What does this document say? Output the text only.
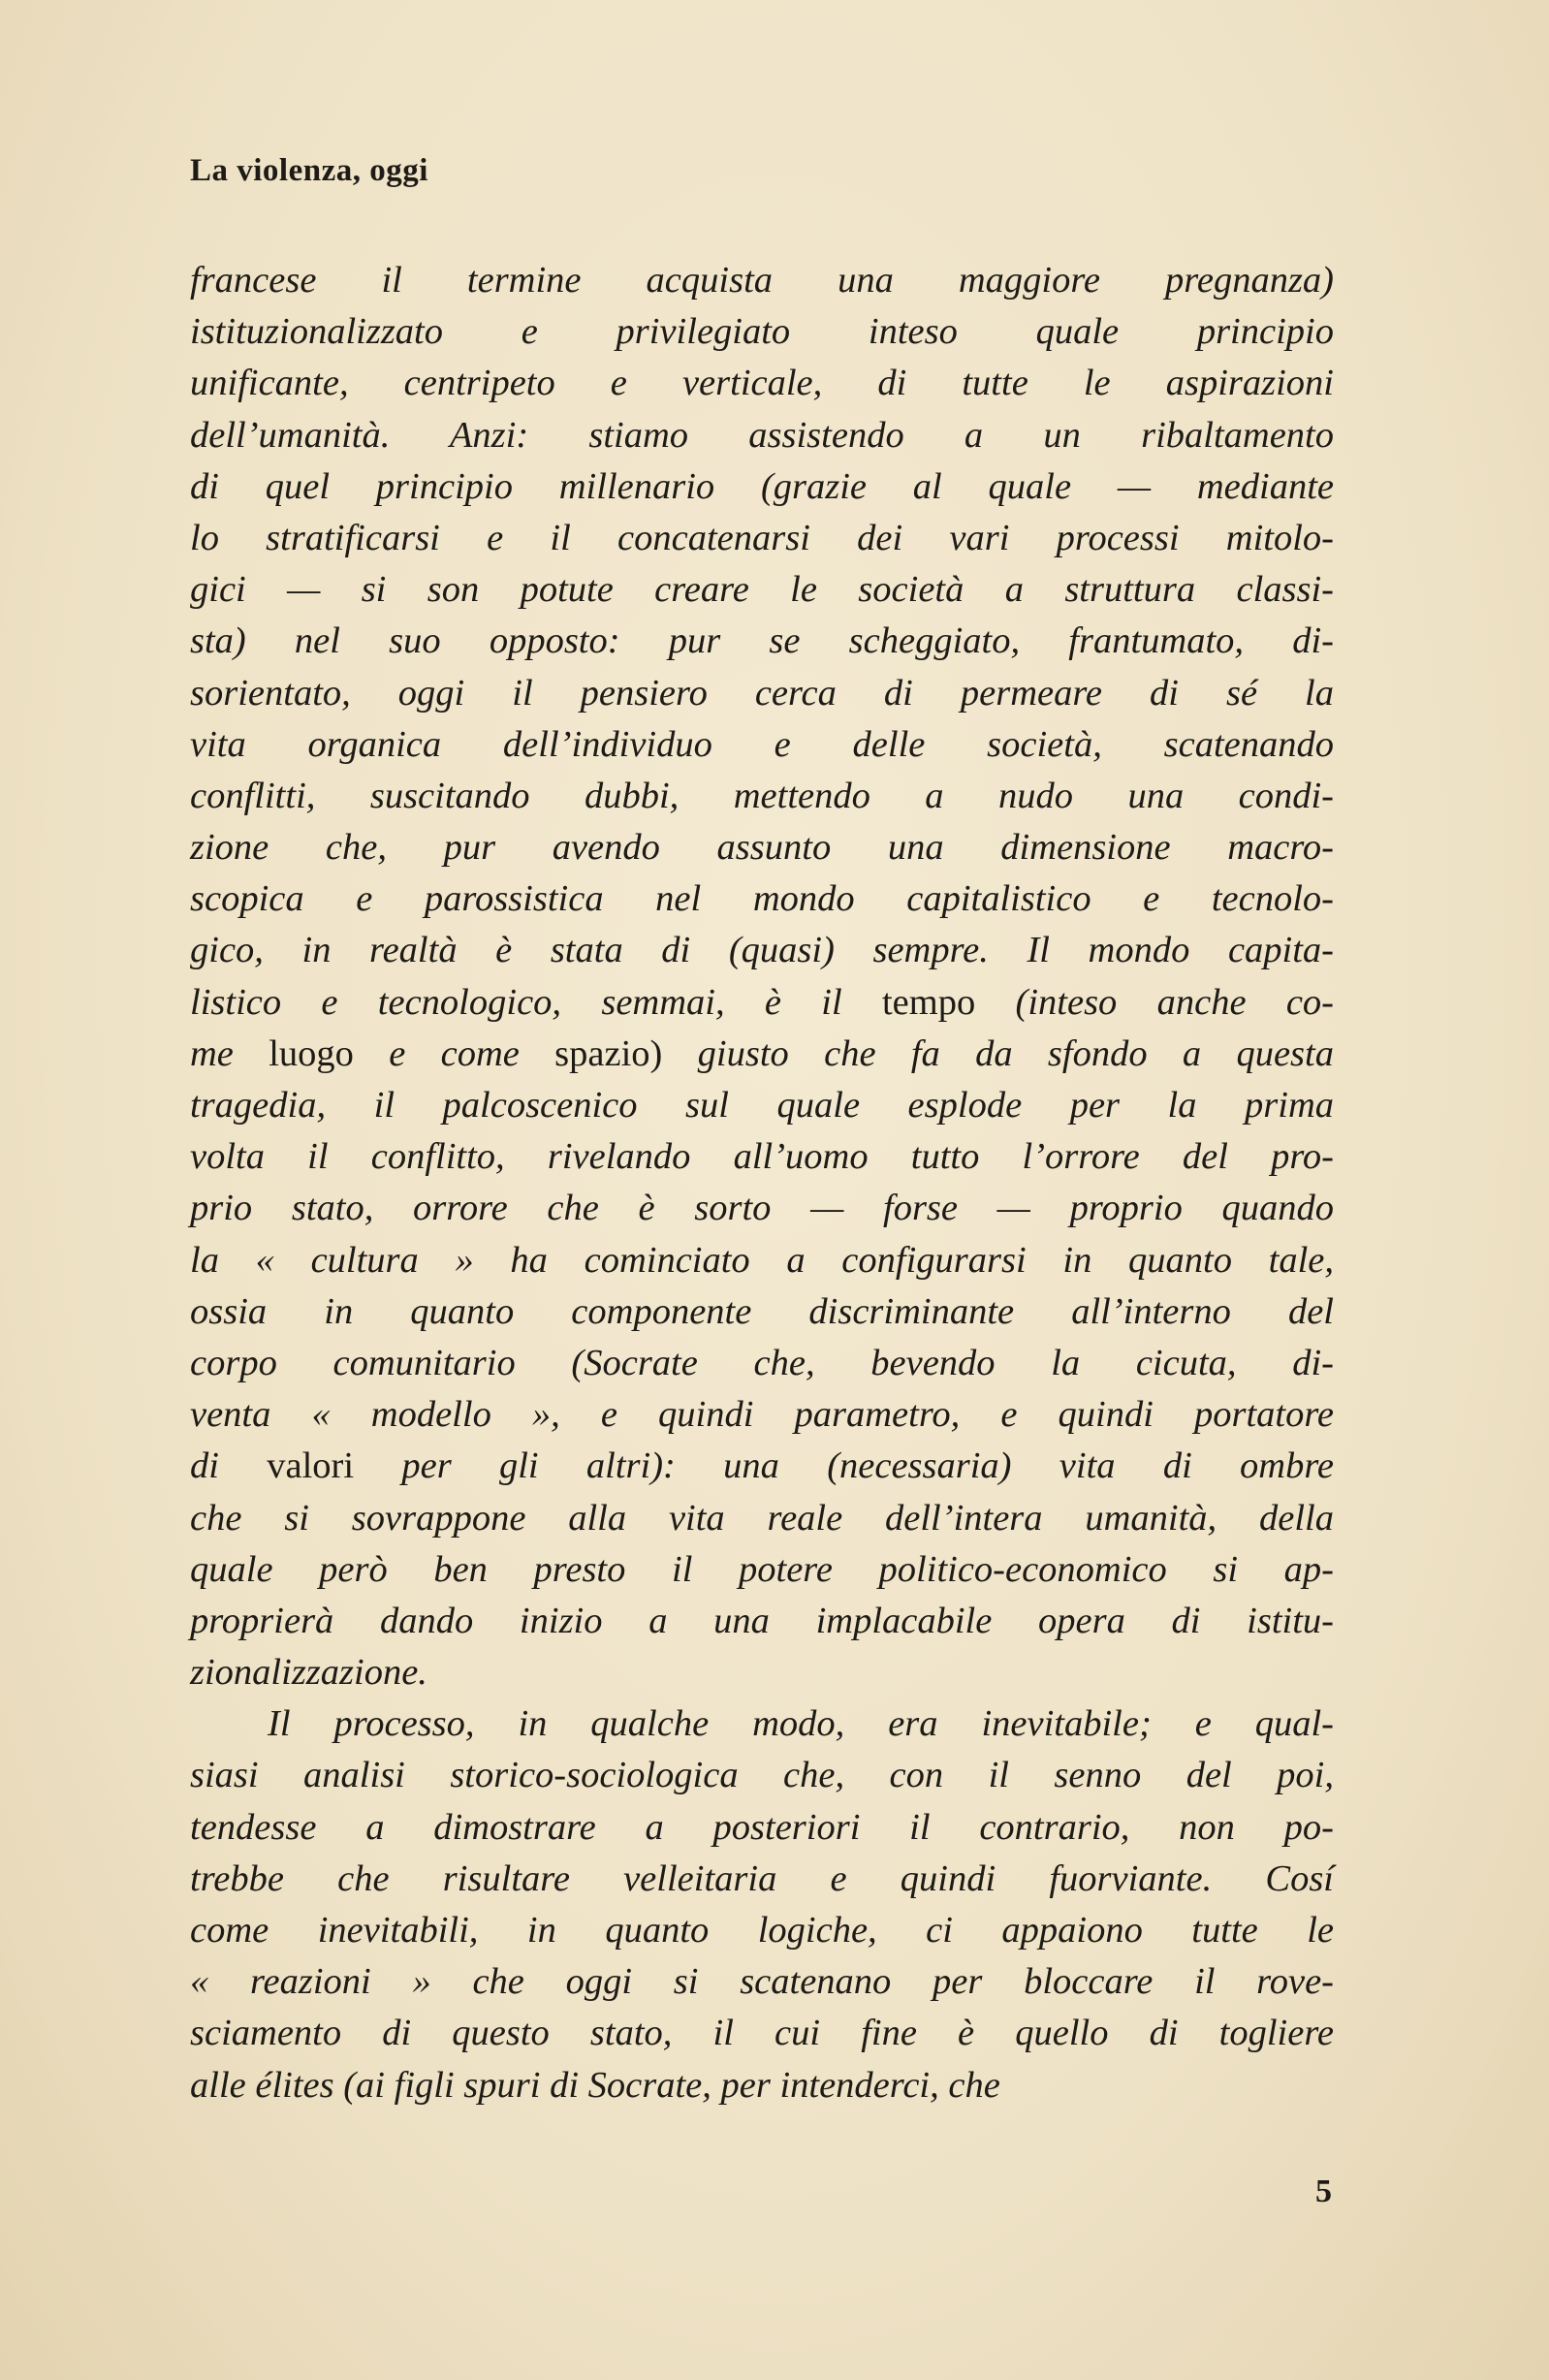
La violenza, oggi
francese il termine acquista una maggiore pregnanza)
istituzionalizzato e privilegiato inteso quale principio
unificante, centripeto e verticale, di tutte le aspirazioni
dell’umanità. Anzi: stiamo assistendo a un ribaltamento
di quel principio millenario (grazie al quale — mediante
lo stratificarsi e il concatenarsi dei vari processi mitolo-
gici — si son potute creare le società a struttura classi-
sta) nel suo opposto: pur se scheggiato, frantumato, di-
sorientato, oggi il pensiero cerca di permeare di sé la
vita organica dell’individuo e delle società, scatenando
conflitti, suscitando dubbi, mettendo a nudo una condi-
zione che, pur avendo assunto una dimensione macro-
scopica e parossistica nel mondo capitalistico e tecnolo-
gico, in realtà è stata di (quasi) sempre. Il mondo capita-
listico e tecnologico, semmai, è il tempo (inteso anche co-
me luogo e come spazio) giusto che fa da sfondo a questa
tragedia, il palcoscenico sul quale esplode per la prima
volta il conflitto, rivelando all’uomo tutto l’orrore del pro-
prio stato, orrore che è sorto — forse — proprio quando
la « cultura » ha cominciato a configurarsi in quanto tale,
ossia in quanto componente discriminante all’interno del
corpo comunitario (Socrate che, bevendo la cicuta, di-
venta « modello », e quindi parametro, e quindi portatore
di valori per gli altri): una (necessaria) vita di ombre
che si sovrappone alla vita reale dell’intera umanità, della
quale però ben presto il potere politico-economico si ap-
proprierà dando inizio a una implacabile opera di istitu-
zionalizzazione.
Il processo, in qualche modo, era inevitabile; e qual-
siasi analisi storico-sociologica che, con il senno del poi,
tendesse a dimostrare a posteriori il contrario, non po-
trebbe che risultare velleitaria e quindi fuorviante. Cosí
come inevitabili, in quanto logiche, ci appaiono tutte le
« reazioni » che oggi si scatenano per bloccare il rove-
sciamento di questo stato, il cui fine è quello di togliere
alle élites (ai figli spuri di Socrate, per intenderci, che
5
